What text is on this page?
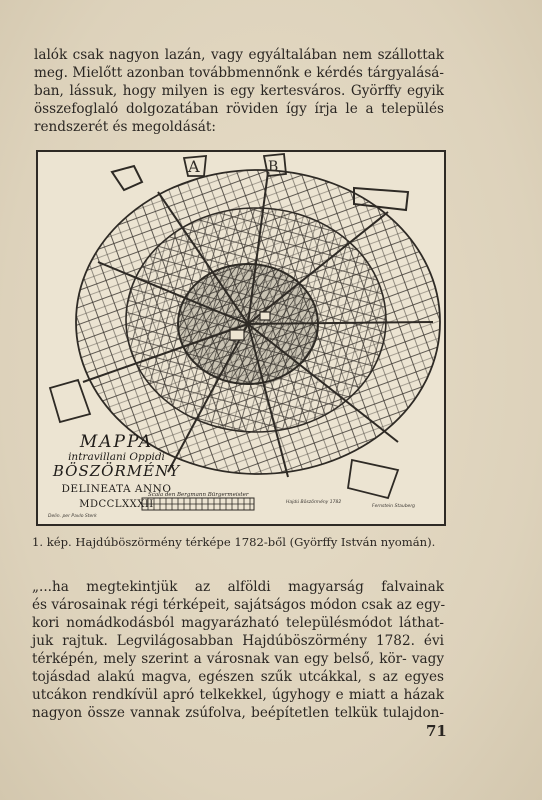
lalók csak nagyon lazán, vagy egyáltalában nem szállottak
meg. Mielőtt azonban továbbmennőnk e kérdés tárgyalásá-
ban, lássuk, hogy milyen is egy kertesváros. Györffy egyik
összefoglaló dolgozatában röviden így írja le a település
rendszerét és megoldását:
A	B
MAPPA
intravillani Oppidi
BÖSZÖRMÉNY
DELINEATA ANNO
MDCCLXXXII
Scala den Bergmann Bürgermeister
Delin. per Pavlo Sterk
Hajdú Böszörmény 1782
Fernstein Stauberg
1. kép. Hajdúböszörmény térképe 1782-ből (Györffy István nyomán).
„...ha megtekintjük az alföldi magyarság falvainak
és városainak régi térképeit, sajátságos módon csak az egy-
kori nomádkodásból magyarázható településmódot láthat-
juk rajtuk. Legvilágosabban Hajdúböszörmény 1782. évi
térképén, mely szerint a városnak van egy belső, kör- vagy
tojásdad alakú magva, egészen szűk utcákkal, s az egyes
utcákon rendkívül apró telkekkel, úgyhogy e miatt a házak
nagyon össze vannak zsúfolva, beépítetlen telkük tulajdon-
71
